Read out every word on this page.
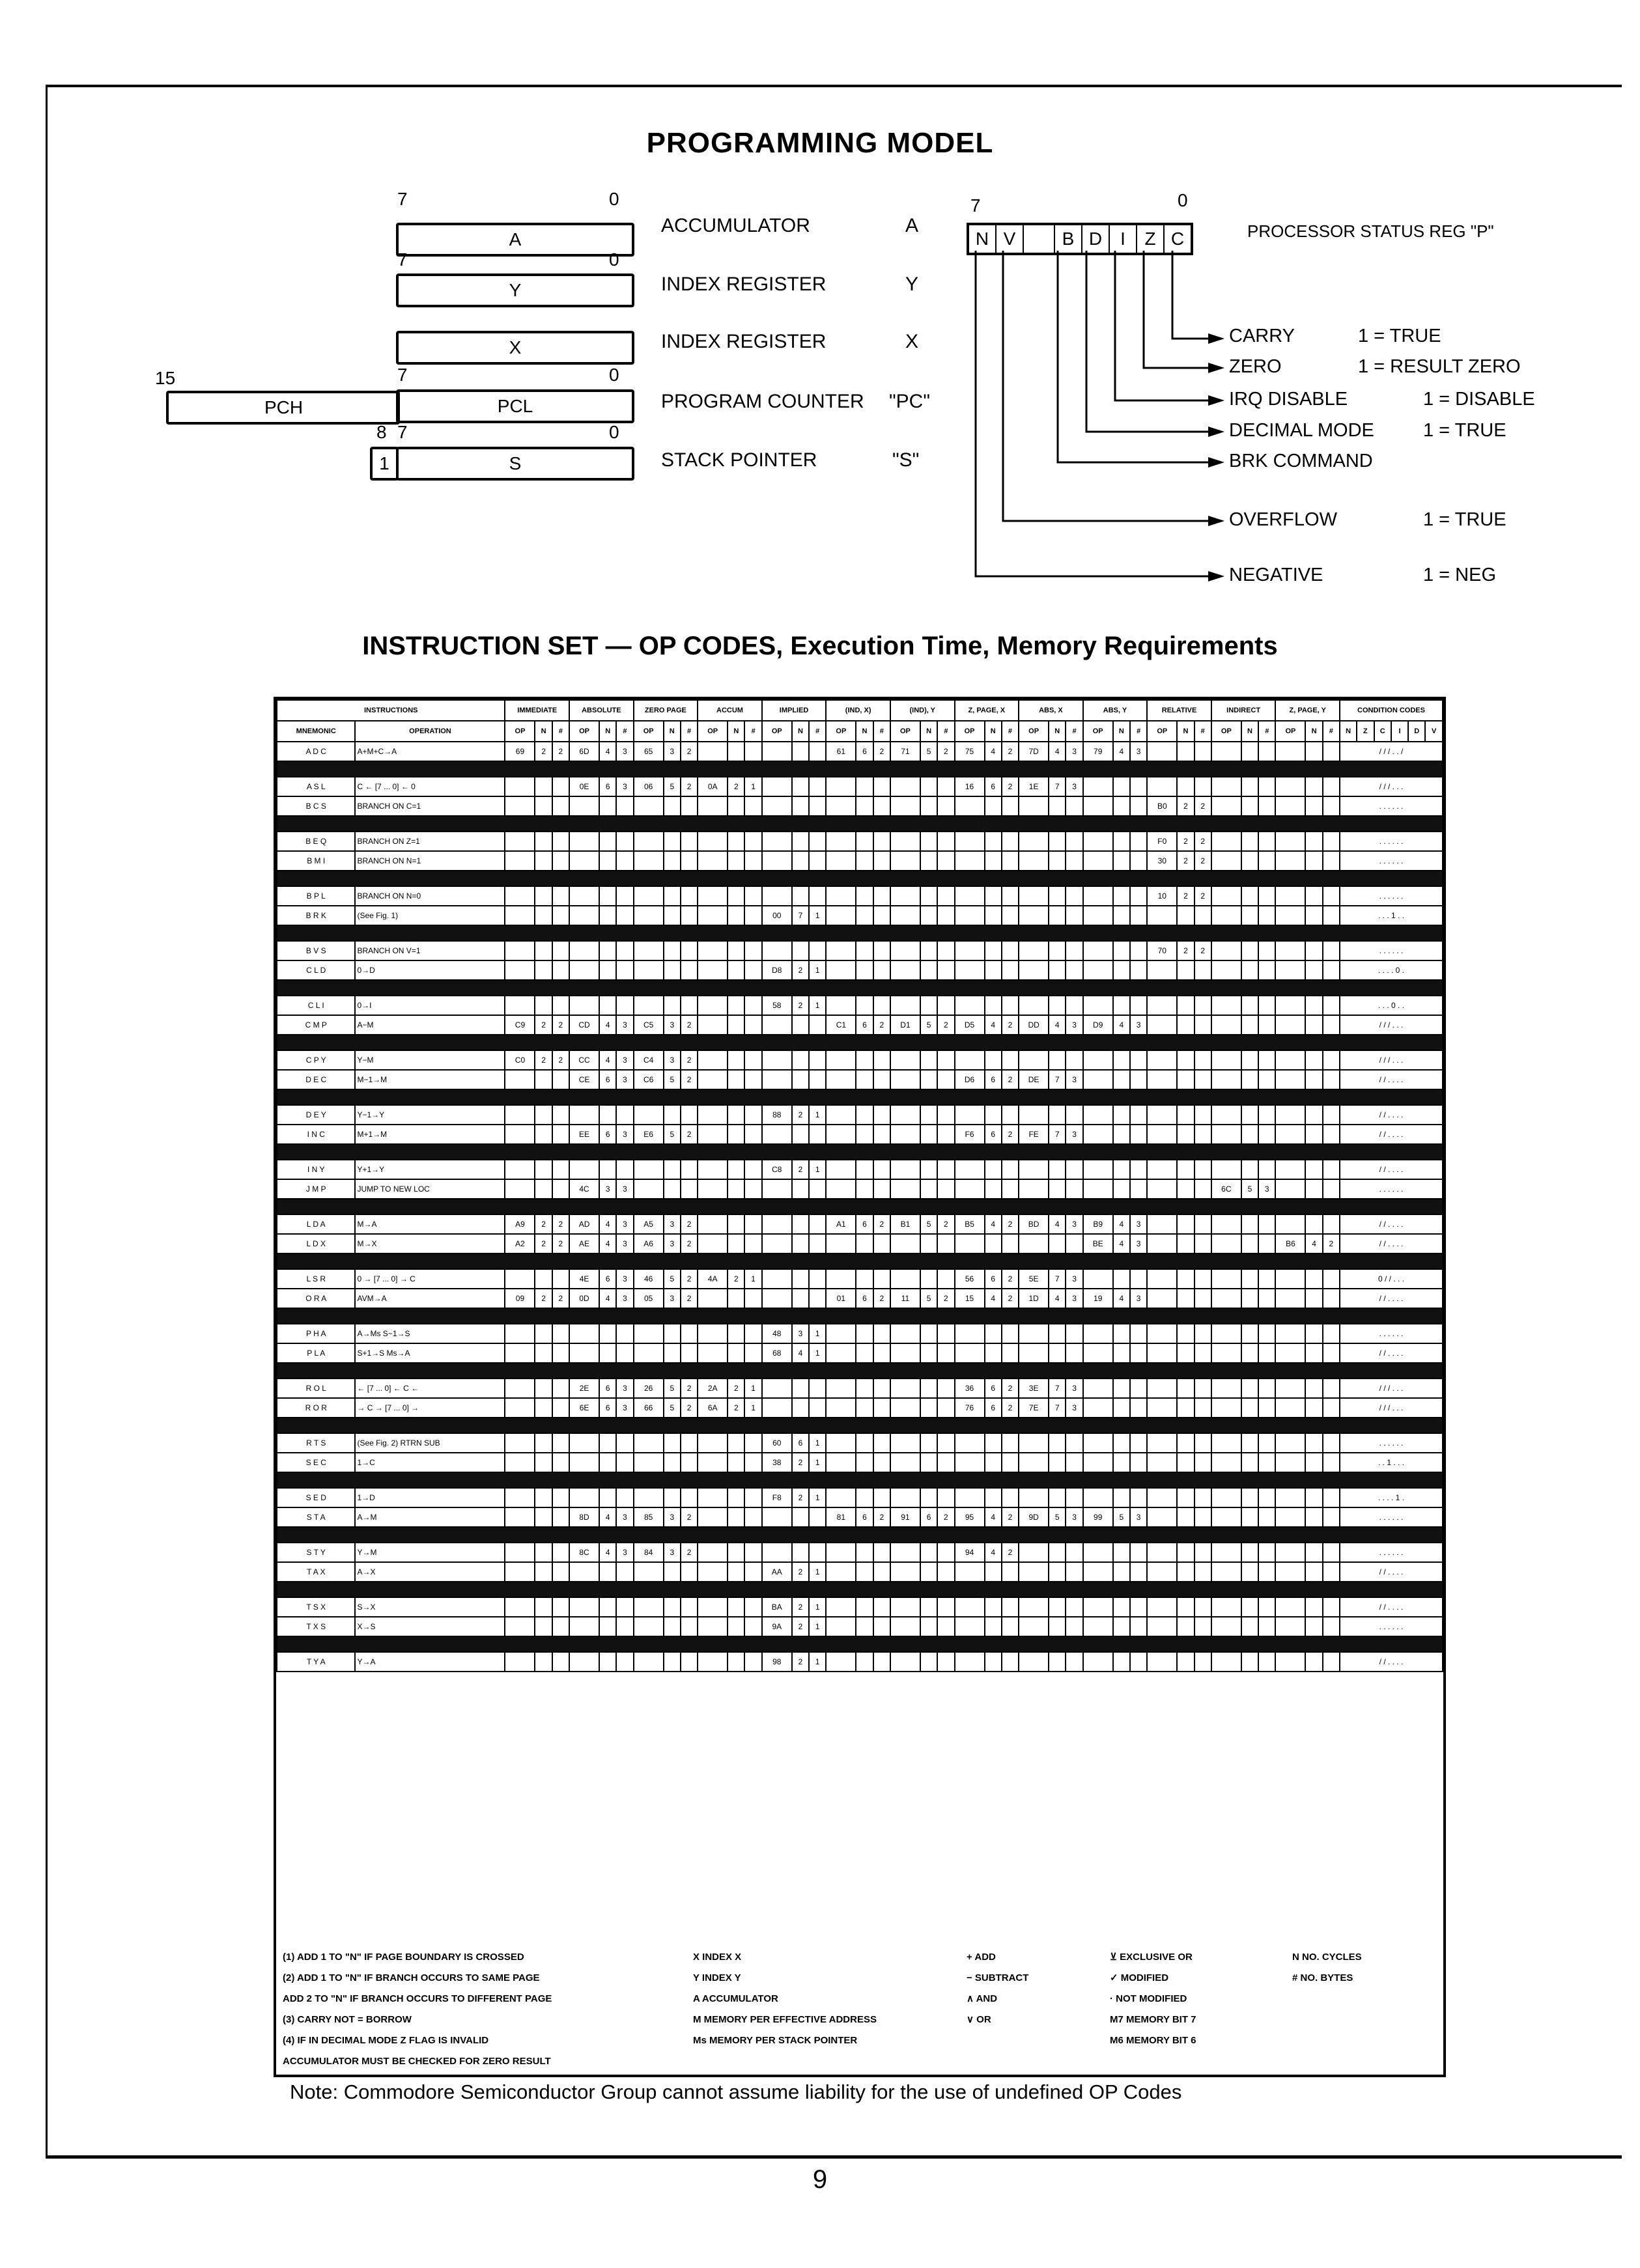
PROGRAMMING MODEL
7	0
A
ACCUMULATOR	A
7	0
Y	INDEX REGISTER	Y
X	INDEX REGISTER	X
15	7	0
PCH	PCL	PROGRAM COUNTER "PC"
8 7	0
1	S	STACK POINTER	"S"
7	0
N V	B D	I	Z C	PROCESSOR STATUS REG "P"
CARRY	1 = TRUE
ZERO	1 = RESULT ZERO
IRQ DISABLE	1 = DISABLE
DECIMAL MODE	1 = TRUE
BRK COMMAND
OVERFLOW	1 = TRUE
NEGATIVE	1 = NEG
INSTRUCTION SET — OP CODES, Execution Time, Memory Requirements
INSTRUCTIONS		IMMEDIATE			ABSOLUTE			ZERO PAGE			ACCUM			IMPLIED			(IND, X)			(IND), Y			Z, PAGE, X			ABS, X			ABS, Y			RELATIVE			INDIRECT			Z, PAGE, Y			CONDITION CODES					
MNEMONIC	OPERATION	OP	N	#	OP	N	#	OP	N	#	OP	N	#	OP	N	#	OP	N	#	OP	N	#	OP	N	#	OP	N	#	OP	N	#	OP	N	#	OP	N	#	OP	N	#	N	Z	C	I	D	V
A D C	A+M+C→A	69	2	2	6D	4	3	65	3	2							61	6	2	71	5	2	75	4	2	7D	4	3	79	4	3										/ / / . . /					

A S L	C ← [7 ... 0] ← 0				0E	6	3	06	5	2	0A	2	1										16	6	2	1E	7	3													/ / / . . .					
B C S	BRANCH ON C=1																															B0	2	2							. . . . . .					

B E Q	BRANCH ON Z=1																															F0	2	2							. . . . . .					
B M I	BRANCH ON N=1																															30	2	2							. . . . . .					

B P L	BRANCH ON N=0																															10	2	2							. . . . . .					
B R K	(See Fig. 1)													00	7	1																									. . . 1 . .					

B V S	BRANCH ON V=1																															70	2	2							. . . . . .					
C L D	0→D													D8	2	1																									. . . . 0 .					

C L I	0→I													58	2	1																									. . . 0 . .					
C M P	A−M	C9	2	2	CD	4	3	C5	3	2							C1	6	2	D1	5	2	D5	4	2	DD	4	3	D9	4	3										/ / / . . .					

C P Y	Y−M	C0	2	2	CC	4	3	C4	3	2																															/ / / . . .					
D E C	M−1→M				CE	6	3	C6	5	2													D6	6	2	DE	7	3													/ / . . . .					

D E Y	Y−1→Y													88	2	1																									/ / . . . .					
I N C	M+1→M				EE	6	3	E6	5	2													F6	6	2	FE	7	3													/ / . . . .					

I N Y	Y+1→Y													C8	2	1																									/ / . . . .					
J M P	JUMP TO NEW LOC				4C	3	3																												6C	5	3				. . . . . .					

L D A	M→A	A9	2	2	AD	4	3	A5	3	2							A1	6	2	B1	5	2	B5	4	2	BD	4	3	B9	4	3										/ / . . . .					
L D X	M→X	A2	2	2	AE	4	3	A6	3	2																			BE	4	3							B6	4	2	/ / . . . .					

L S R	0 → [7 ... 0] → C				4E	6	3	46	5	2	4A	2	1										56	6	2	5E	7	3													0 / / . . .					
O R A	AVM→A	09	2	2	0D	4	3	05	3	2							01	6	2	11	5	2	15	4	2	1D	4	3	19	4	3										/ / . . . .					

P H A	A→Ms S−1→S													48	3	1																									. . . . . .					
P L A	S+1→S Ms→A													68	4	1																									/ / . . . .					

R O L	← [7 ... 0] ← C ←				2E	6	3	26	5	2	2A	2	1										36	6	2	3E	7	3													/ / / . . .					
R O R	→ C → [7 ... 0] →				6E	6	3	66	5	2	6A	2	1										76	6	2	7E	7	3													/ / / . . .					

R T S	(See Fig. 2) RTRN SUB													60	6	1																									. . . . . .					
S E C	1→C													38	2	1																									. . 1 . . .					

S E D	1→D													F8	2	1																									. . . . 1 .					
S T A	A→M				8D	4	3	85	3	2							81	6	2	91	6	2	95	4	2	9D	5	3	99	5	3										. . . . . .					

S T Y	Y→M				8C	4	3	84	3	2													94	4	2																. . . . . .					
T A X	A→X													AA	2	1																									/ / . . . .					

T S X	S→X													BA	2	1																									/ / . . . .					
T X S	X→S													9A	2	1																									. . . . . .					

T Y A	Y→A													98	2	1																									/ / . . . .					
(1) ADD 1 TO "N" IF PAGE BOUNDARY IS CROSSED
(2) ADD 1 TO "N" IF BRANCH OCCURS TO SAME PAGE
ADD 2 TO "N" IF BRANCH OCCURS TO DIFFERENT PAGE
(3) CARRY NOT = BORROW
(4) IF IN DECIMAL MODE Z FLAG IS INVALID
ACCUMULATOR MUST BE CHECKED FOR ZERO RESULT
X INDEX X
Y INDEX Y
A ACCUMULATOR
M MEMORY PER EFFECTIVE ADDRESS
Ms MEMORY PER STACK POINTER
+ ADD
− SUBTRACT
∧ AND
∨ OR
⊻ EXCLUSIVE OR
✓ MODIFIED
· NOT MODIFIED
M7 MEMORY BIT 7
M6 MEMORY BIT 6
N NO. CYCLES
# NO. BYTES
Note: Commodore Semiconductor Group cannot assume liability for the use of undefined OP Codes
9
